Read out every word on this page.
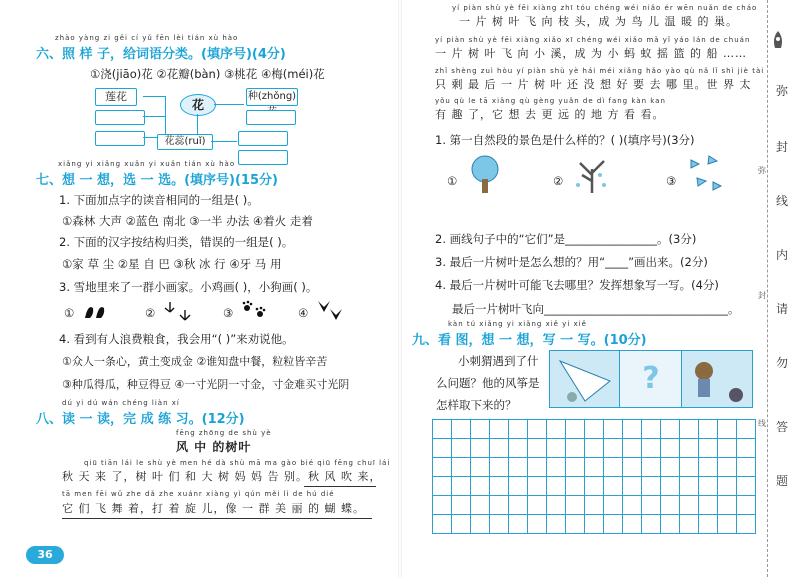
zhào yàng zi gěi cí yǔ fēn lèi tián xù hào
六、照 样 子，给词语分类。(填序号)(4分)
①浇(jiāo)花 ②花瓣(bàn) ③桃花 ④梅(méi)花
莲花
花
种(zhǒng)
花蕊(ruǐ)
xiǎng yi xiǎng xuǎn yi xuǎn tián xù hào
七、想 一 想，选 一 选。(填序号)(15分)
1. 下面加点字的读音相同的一组是( )。
①森林 大声 ②蓝色 南北 ③一半 办法 ④着火 走着
2. 下面的汉字按结构归类，错误的一组是( )。
①家 草 尘 ②星 自 巴 ③秋 冰 行 ④牙 马 用
3. 雪地里来了一群小画家。小鸡画( )，小狗画( )。
①	②	③	④
4. 看到有人浪费粮食，我会用“( )”来劝说他。
①众人一条心，黄土变成金 ②谁知盘中餐，粒粒皆辛苦
③种瓜得瓜，种豆得豆 ④一寸光阴一寸金，寸金难买寸光阴
dú yi dú wán chéng liàn xí
八、读 一 读，完 成 练 习。(12分)
fēng zhōng de shù yè
风 中 的树叶
qiū tiān lái le shù yè men hé dà shù mā ma gào bié qiū fēng chuī lái
秋 天 来 了，树 叶 们 和 大 树 妈 妈 告 别。秋 风 吹 来，
tā men fēi wǔ zhe dǎ zhe xuánr xiàng yì qún měi lì de hú dié
它 们 飞 舞 着，打 着 旋 儿，像 一 群 美 丽 的 蝴 蝶。
36
yí piàn shù yè fēi xiàng zhī tóu chéng wéi niǎo ér wēn nuǎn de cháo
一 片 树 叶 飞 向 枝 头，成 为 鸟 儿 温 暖 的 巢。
yí piàn shù yè fēi xiàng xiǎo xī chéng wéi xiǎo mǎ yǐ yáo lán de chuán
一 片 树 叶 飞 向 小 溪，成 为 小 蚂 蚁 摇 篮 的 船 ……
zhǐ shèng zuì hòu yí piàn shù yè hái méi xiǎng hǎo yào qù nǎ lǐ shì jiè tài
只 剩 最 后 一 片 树 叶 还 没 想 好 要 去 哪 里。世 界 太
yǒu qù le tā xiǎng qù gèng yuǎn de dì fang kàn kan
有 趣 了，它 想 去 更 远 的 地 方 看 看。
1. 第一自然段的景色是什么样的？( )(填序号)(3分)
①	②	③
2. 画线句子中的“它们”是________________。(3分)
3. 最后一片树叶是怎么想的？用“____”画出来。(2分)
4. 最后一片树叶可能飞去哪里？发挥想象写一写。(4分)
最后一片树叶飞向________________________________。
kàn tú xiǎng yi xiǎng xiě yi xiě
九、看 图，想 一 想，写 一 写。(10分)
小刺猬遇到了什
么问题？他的风筝是
怎样取下来的？
?

弥
封
线
内
请
勿
答
题
弥
封
线
